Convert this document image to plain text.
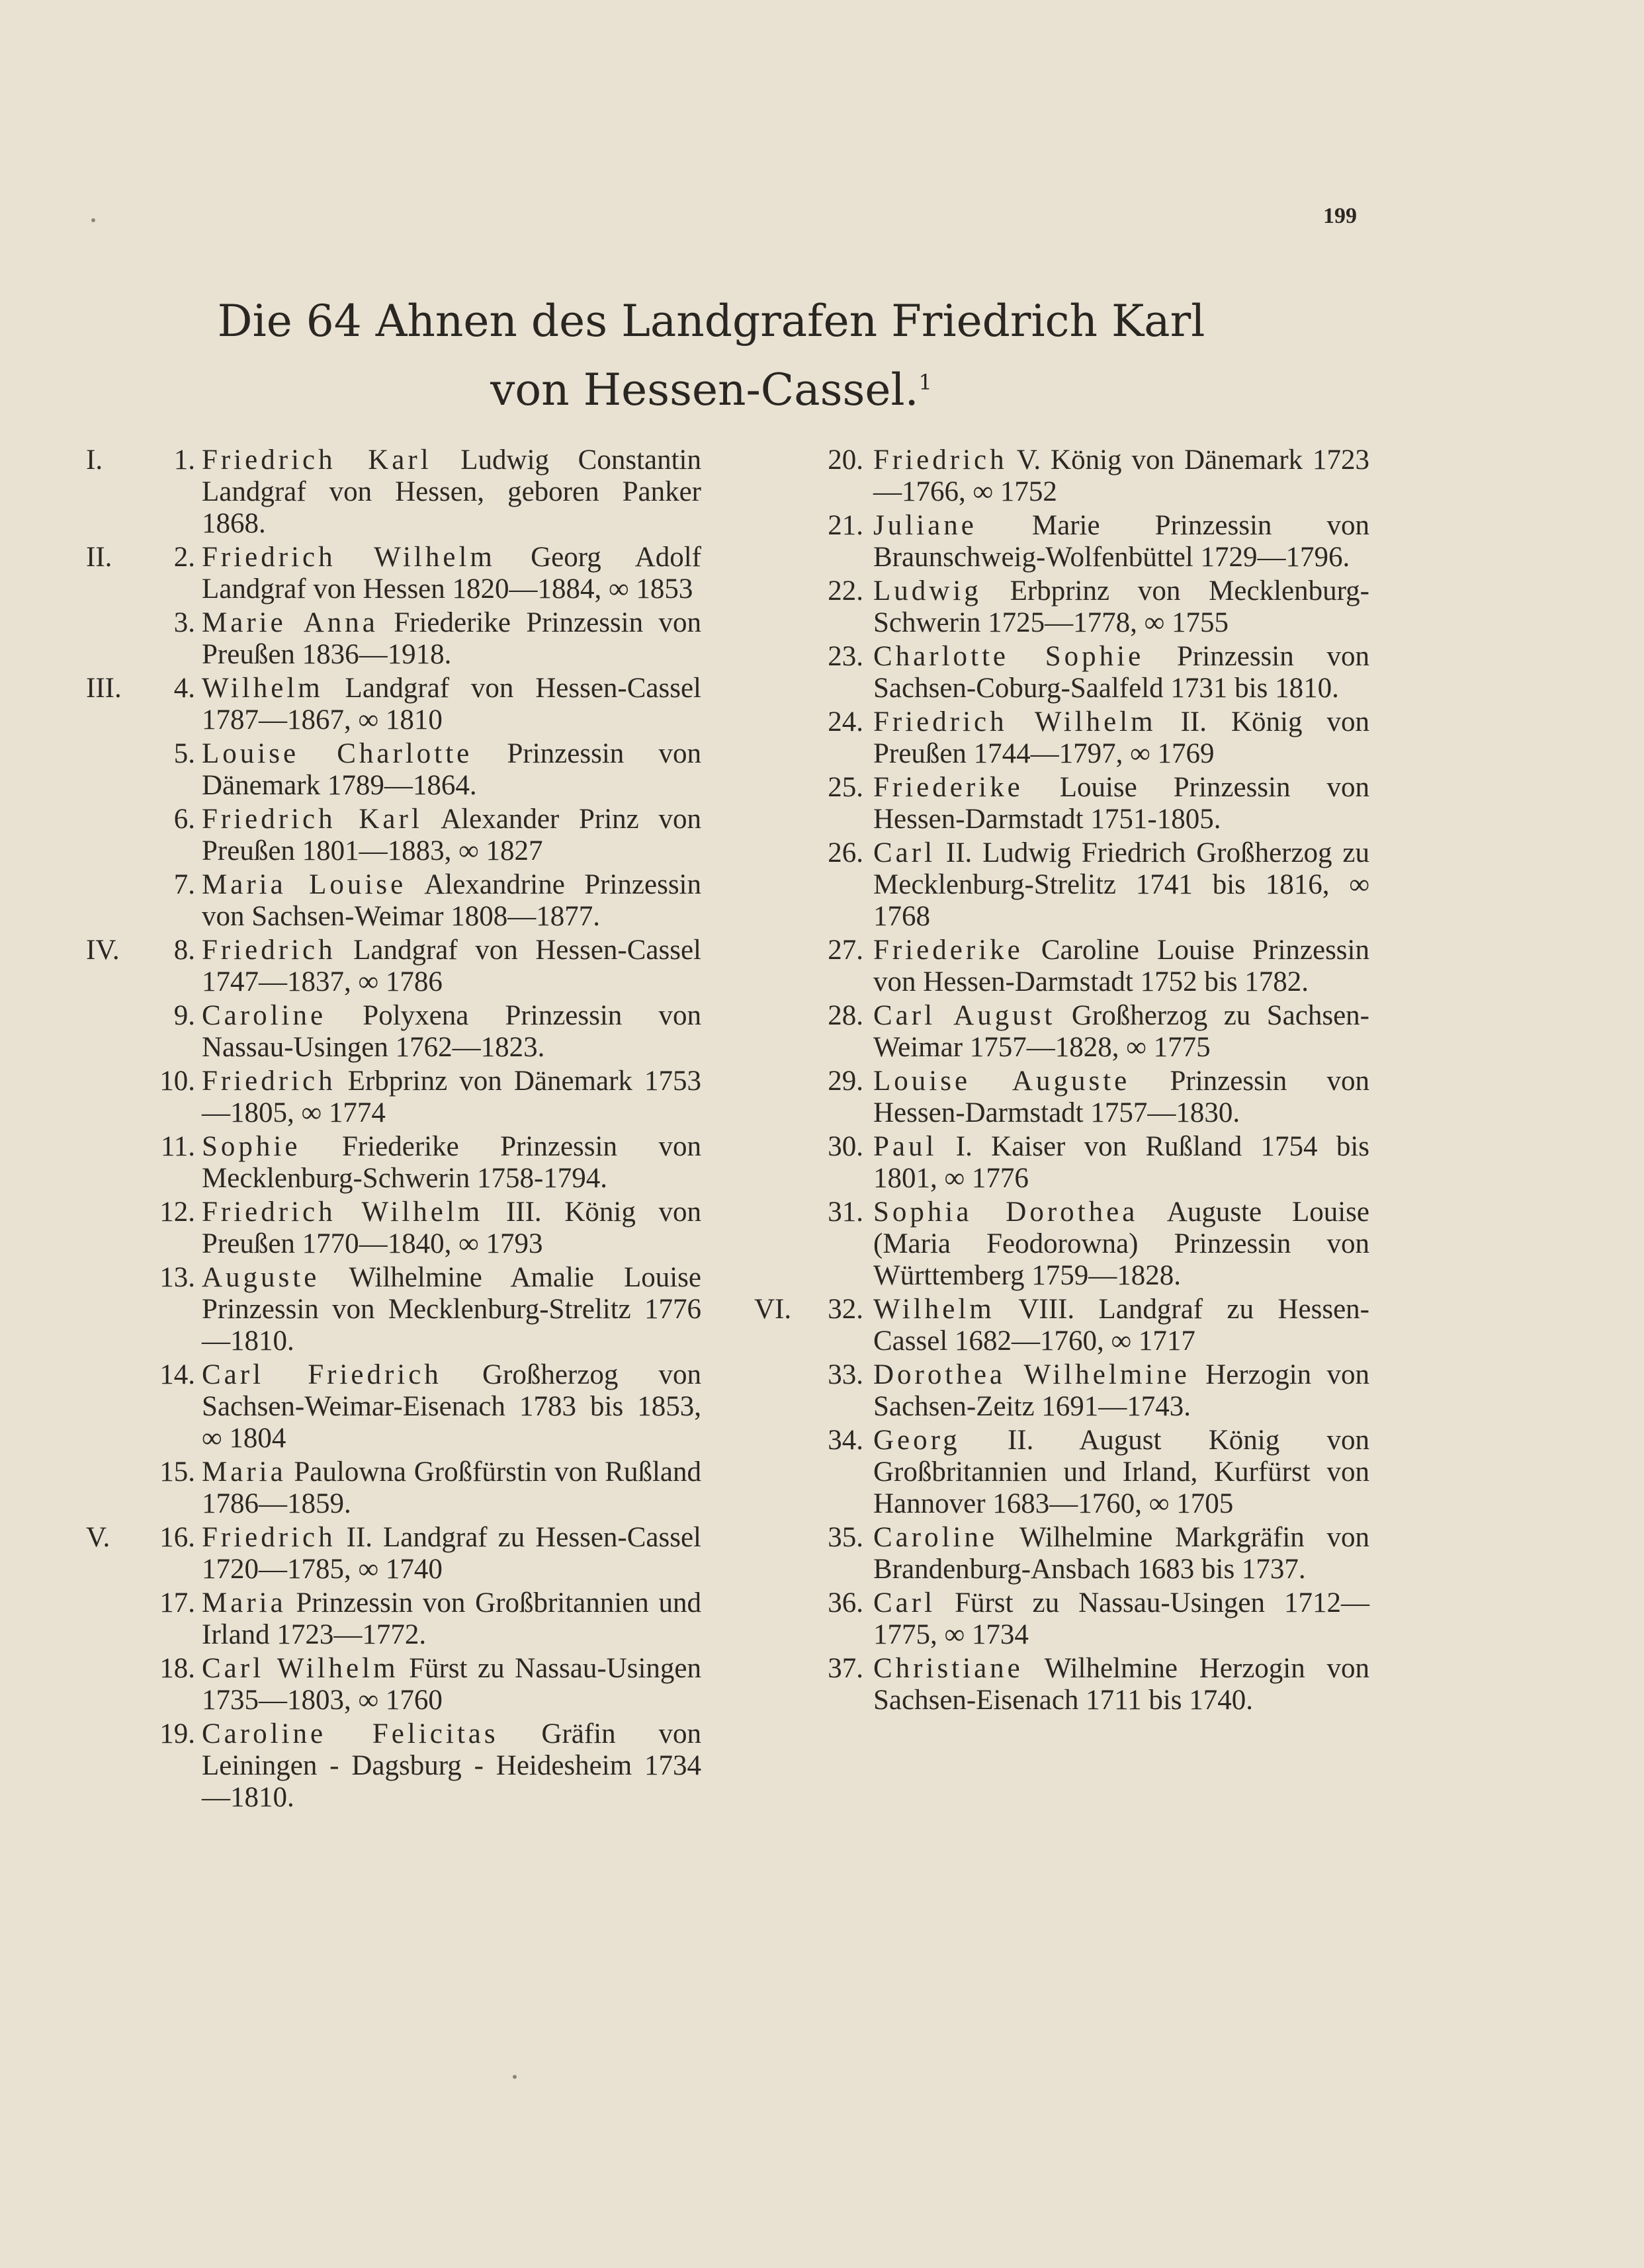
199
Die 64 Ahnen des Landgrafen Friedrich Karl
von Hessen-Cassel.$^1$
I.	1. Friedrich Karl Ludwig Constantin Landgraf von Hessen, geboren Panker 1868.
II.	2. Friedrich Wilhelm Georg Adolf Landgraf von Hessen 1820—1884, ∞ 1853
3. Marie Anna Friederike Prinzessin von Preußen 1836—1918.
III.	4. Wilhelm Landgraf von Hessen-Cassel 1787—1867, ∞ 1810
5. Louise Charlotte Prinzessin von Dänemark 1789—1864.
6. Friedrich Karl Alexander Prinz von Preußen 1801—1883, ∞ 1827
7. Maria Louise Alexandrine Prinzessin von Sachsen-Weimar 1808—1877.
IV.	8. Friedrich Landgraf von Hessen-Cassel 1747—1837, ∞ 1786
9. Caroline Polyxena Prinzessin von Nassau-Usingen 1762—1823.
10. Friedrich Erbprinz von Dänemark 1753—1805, ∞ 1774
11. Sophie Friederike Prinzessin von Mecklenburg-Schwerin 1758-1794.
12. Friedrich Wilhelm III. König von Preußen 1770—1840, ∞ 1793
13. Auguste Wilhelmine Amalie Louise Prinzessin von Mecklenburg-Strelitz 1776—1810.
14. Carl Friedrich Großherzog von Sachsen-Weimar-Eisenach 1783 bis 1853, ∞ 1804
15. Maria Paulowna Großfürstin von Rußland 1786—1859.
V.	16. Friedrich II. Landgraf zu Hessen-Cassel 1720—1785, ∞ 1740
17. Maria Prinzessin von Großbritannien und Irland 1723—1772.
18. Carl Wilhelm Fürst zu Nassau-Usingen 1735—1803, ∞ 1760
19. Caroline Felicitas Gräfin von Leiningen - Dagsburg - Heidesheim 1734—1810.
20. Friedrich V. König von Dänemark 1723—1766, ∞ 1752
21. Juliane Marie Prinzessin von Braunschweig-Wolfenbüttel 1729—1796.
22. Ludwig Erbprinz von Mecklenburg-Schwerin 1725—1778, ∞ 1755
23. Charlotte Sophie Prinzessin von Sachsen-Coburg-Saalfeld 1731 bis 1810.
24. Friedrich Wilhelm II. König von Preußen 1744—1797, ∞ 1769
25. Friederike Louise Prinzessin von Hessen-Darmstadt 1751-1805.
26. Carl II. Ludwig Friedrich Großherzog zu Mecklenburg-Strelitz 1741 bis 1816, ∞ 1768
27. Friederike Caroline Louise Prinzessin von Hessen-Darmstadt 1752 bis 1782.
28. Carl August Großherzog zu Sachsen-Weimar 1757—1828, ∞ 1775
29. Louise Auguste Prinzessin von Hessen-Darmstadt 1757—1830.
30. Paul I. Kaiser von Rußland 1754 bis 1801, ∞ 1776
31. Sophia Dorothea Auguste Louise (Maria Feodorowna) Prinzessin von Württemberg 1759—1828.
VI.	32. Wilhelm VIII. Landgraf zu Hessen-Cassel 1682—1760, ∞ 1717
33. Dorothea Wilhelmine Herzogin von Sachsen-Zeitz 1691—1743.
34. Georg II. August König von Großbritannien und Irland, Kurfürst von Hannover 1683—1760, ∞ 1705
35. Caroline Wilhelmine Markgräfin von Brandenburg-Ansbach 1683 bis 1737.
36. Carl Fürst zu Nassau-Usingen 1712—1775, ∞ 1734
37. Christiane Wilhelmine Herzogin von Sachsen-Eisenach 1711 bis 1740.
